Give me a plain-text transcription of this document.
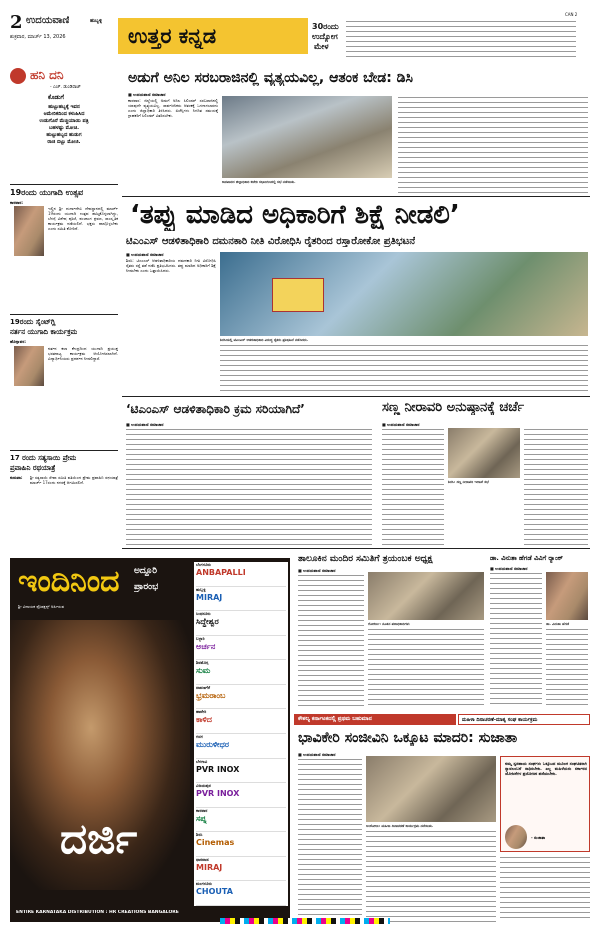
2 ಉದಯವಾಣಿ	ಹುಬ್ಬಳ್ಳಿ
ಶುಕ್ರವಾರ, ಮಾರ್ಚ್ 13, 2026	ಉತ್ತರ ಕನ್ನಡ	30ರಂದು
ಉದ್ಯೋಗ
ಮೇಳ
CAN 2
ಹನಿ ದನಿ
- ಎಚ್. ಡುಂಡಿರಾಜ್
ಕೊಡುಗೆ
ಹುಟ್ಟುಹಬ್ಬಕ್ಕೆ ಇವನ
ಅಮೇರಿಕದಿಂದ ಕಳುಹಿಸಿದ
ಉಡುಗೊರೆ ಮೆಚ್ಚಿಯಾಯಿ ಪತ್ರಿ
ಬಹಳಷ್ಟು ಮೋಚಿ.
ಹುಟ್ಟುಹಬ್ಬದ ಹುಡುಗ
ರಾಜಿ ಬಿಟ್ಟು ಮೋಜಿ.
19ರಂದು ಯುಗಾದಿ ಉತ್ಸವ
ಕಾರವಾರ:
ಇಲ್ಲಿನ ಶ್ರೀ ದುರ್ಗಾದೇವಿ ದೇವಸ್ಥಾನದಲ್ಲಿ ಮಾರ್ಚ್ 19ರಂದು ಯುಗಾದಿ ಉತ್ಸವ ಹಮ್ಮಿಕೊಳ್ಳಲಾಗಿದ್ದು, ಬೆಳಗ್ಗೆ ವಿಶೇಷ ಪೂಜೆ, ಪಂಚಾಂಗ ಶ್ರವಣ, ಸಾಂಸ್ಕೃತಿಕ ಕಾರ್ಯಕ್ರಮ ನಡೆಯಲಿದೆ. ಭಕ್ತರು ಪಾಲ್ಗೊಳ್ಳಬೇಕು ಎಂದು ಸಮಿತಿ ಕೋರಿದೆ.
19ರಂದು ಸೈಂಟ್‌ಗ್ಲಿ
ನರ್ತನ ಯುಗಾದಿ ಕಾರ್ಯಕ್ರಮ
ಹೊನ್ನಾವರ:
ನರ್ತನ ಕಲಾ ಕೇಂದ್ರದಿಂದ ಯುಗಾದಿ ಪ್ರಯುಕ್ತ ಭರತನಾಟ್ಯ ಕಾರ್ಯಕ್ರಮ ಆಯೋಜಿಸಲಾಗಿದೆ. ವಿದ್ಯಾರ್ಥಿನಿಯರು ಪ್ರದರ್ಶನ ನೀಡಲಿದ್ದಾರೆ.
17 ರಂದು ಸತ್ಯಸಾಯಿ ಪ್ರೇಮ
ಪ್ರವಾಹಿನಿ ರಥಯಾತ್ರೆ
ಕುಮಟಾ: ಶ್ರೀ ಸತ್ಯಸಾಯಿ ಸೇವಾ ಸಮಿತಿ ವತಿಯಿಂದ ಪ್ರೇಮ ಪ್ರವಾಹಿನಿ ರಥಯಾತ್ರೆ ಮಾರ್ಚ್ 17ರಂದು ನಗರಕ್ಕೆ ಆಗಮಿಸಲಿದೆ.
ಅಡುಗೆ ಅನಿಲ ಸರಬರಾಜಿನಲ್ಲಿ ವ್ಯತ್ಯಯವಿಲ್ಲ, ಆತಂಕ ಬೇಡ: ಡಿಸಿ
■ ಉದಯವಾಣಿ ಸಮಾಚಾರ
ಕಾರವಾರ: ಜಿಲ್ಲೆಯಲ್ಲಿ ಅಡುಗೆ ಅನಿಲ ಸಿಲಿಂಡರ್ ಸರಬರಾಜಿನಲ್ಲಿ ಯಾವುದೇ ವ್ಯತ್ಯಯವಿಲ್ಲ. ಸಾರ್ವಜನಿಕರು ಆತಂಕಕ್ಕೆ ಒಳಗಾಗಬಾರದು ಎಂದು ಜಿಲ್ಲಾಧಿಕಾರಿ ತಿಳಿಸಿದರು. ಏಜೆನ್ಸಿಗಳು ನಿಗದಿತ ಸಮಯಕ್ಕೆ ಗ್ರಾಹಕರಿಗೆ ಸಿಲಿಂಡರ್ ವಿತರಿಸಬೇಕು.
ಕಾರವಾರದ ಜಿಲ್ಲಾಧಿಕಾರಿ ಕಚೇರಿ ಸಭಾಂಗಣದಲ್ಲಿ ಸಭೆ ನಡೆಯಿತು.
‘ತಪ್ಪು ಮಾಡಿದ ಅಧಿಕಾರಿಗೆ ಶಿಕ್ಷೆ ನೀಡಲಿ’
ಟಿಎಂಎಸ್ ಆಡಳಿತಾಧಿಕಾರಿ ದಮನಕಾರಿ ನೀತಿ ವಿರೋಧಿಸಿ ರೈತರಿಂದ ರಸ್ತಾರೋಕೋ ಪ್ರತಿಭಟನೆ
■ ಉದಯವಾಣಿ ಸಮಾಚಾರ
ಶಿರಸಿ: ಟಿಎಂಎಸ್ ಆಡಳಿತಾಧಿಕಾರಿಯ ದಮನಕಾರಿ ನೀತಿ ವಿರೋಧಿಸಿ ರೈತರು ರಸ್ತೆ ತಡೆ ನಡೆಸಿ ಪ್ರತಿಭಟಿಸಿದರು. ತಪ್ಪು ಮಾಡಿದ ಅಧಿಕಾರಿಗೆ ಶಿಕ್ಷೆ ನೀಡಬೇಕು ಎಂದು ಒತ್ತಾಯಿಸಿದರು.
ಶಿರಸಿಯಲ್ಲಿ ಟಿಎಂಎಸ್ ಆಡಳಿತಾಧಿಕಾರಿ ವಿರುದ್ಧ ರೈತರು ಪ್ರತಿಭಟನೆ ನಡೆಸಿದರು.
‘ಟಿಎಂಎಸ್ ಆಡಳಿತಾಧಿಕಾರಿ ಕ್ರಮ ಸರಿಯಾಗಿದೆ’
■ ಉದಯವಾಣಿ ಸಮಾಚಾರ
ಸಣ್ಣ ನೀರಾವರಿ ಅನುಷ್ಠಾನಕ್ಕೆ ಚರ್ಚೆ
■ ಉದಯವಾಣಿ ಸಮಾಚಾರ
ಶಿರಸಿ: ಸಣ್ಣ ನೀರಾವರಿ ಇಲಾಖೆ ಸಭೆ
ಇಂದಿನಿಂದ ಅದ್ದೂರಿ
ಪ್ರಾರಂಭ
ಶ್ರೀ ವಿನಾಯಕ ಪ್ರೊಡಕ್ಷನ್ಸ್ ಅರ್ಪಿಸುವ
ದರ್ಜಿ
ENTIRE KARNATAKA DISTRIBUTION : HR CREATIONS BANGALORE
ಬೆಂಗಳೂರು
ANBAPALLI
ಹುಬ್ಬಳ್ಳಿ
MIRAJ
ಸಿಂಧನೂರು
ಸಿದ್ಧೇಶ್ವರ
ಬಳ್ಳಾರಿ
ಅರ್ಚನ
ಶಿವಮೊಗ್ಗ
ಸುಮ
ದಾವಣಗೆರೆ
ಭ್ರಮರಾಂಬ
ಹಾವೇರಿ
ಕಾಳಿದ
ಗದಗ
ಮುರುಳೀಧರ
ಬೆಳಗಾವಿ
PVR INOX
ವಿಜಯಪುರ
PVR INOX
ಕಾರವಾರ
ಸಪ್ನ
ಶಿರಸಿ
Cinemas
ಧಾರವಾಡ
MIRAJ
ಮಂಗಳೂರು
CHOUTA
ತಾಲೂಕಿನ ಮಂದಿರ ಸಮಿತಿಗೆ ತ್ರಯಂಬಕ ಅಧ್ಯಕ್ಷ
■ ಉದಯವಾಣಿ ಸಮಾಚಾರ
ಗೋಕರ್ಣ: ನೂತನ ಪದಾಧಿಕಾರಿಗಳು
ಡಾ. ವಿನುತಾ ಹೆಗಡೆ ವಿವಿಗೆ ರ‍್ಯಾಂಕ್
■ ಉದಯವಾಣಿ ಸಮಾಚಾರ
ಡಾ. ವಿನುತಾ ಹೆಗಡೆ
ಕೌಶಲ್ಯ ಕರ್ನಾಟಕದಲ್ಲಿ ಪ್ರಥಮ ಬಹುಮಾನ	ಮಹಿಳಾ ದಿನಾಚರಣೆ-ಮಾತೃ ಸಂಘ ಕಾರ್ಯಕ್ರಮ
ಭಾವಿಕೇರಿ ಸಂಜೀವಿನಿ ಒಕ್ಕೂಟ ಮಾದರಿ: ಸುಜಾತಾ
■ ಉದಯವಾಣಿ ಸಮಾಚಾರ
ಅಂಕೋಲಾ: ಮಹಿಳಾ ದಿನಾಚರಣೆ ಕಾರ್ಯಕ್ರಮ ನಡೆಯಿತು.
ನಮ್ಮ ಸ್ವಸಹಾಯ ಸಂಘಗಳು ಒಕ್ಕೂಟದ ಮೂಲಕ ಸಂಘಟಿತರಾಗಿ ಸ್ವಾವಲಂಬನೆ ಸಾಧಿಸಬೇಕು. ಎಲ್ಲ ಮಹಿಳೆಯರು ಸರ್ಕಾರದ ಯೋಜನೆಗಳ ಪ್ರಯೋಜನ ಪಡೆಯಬೇಕು.
- ಸುಜಾತಾ
